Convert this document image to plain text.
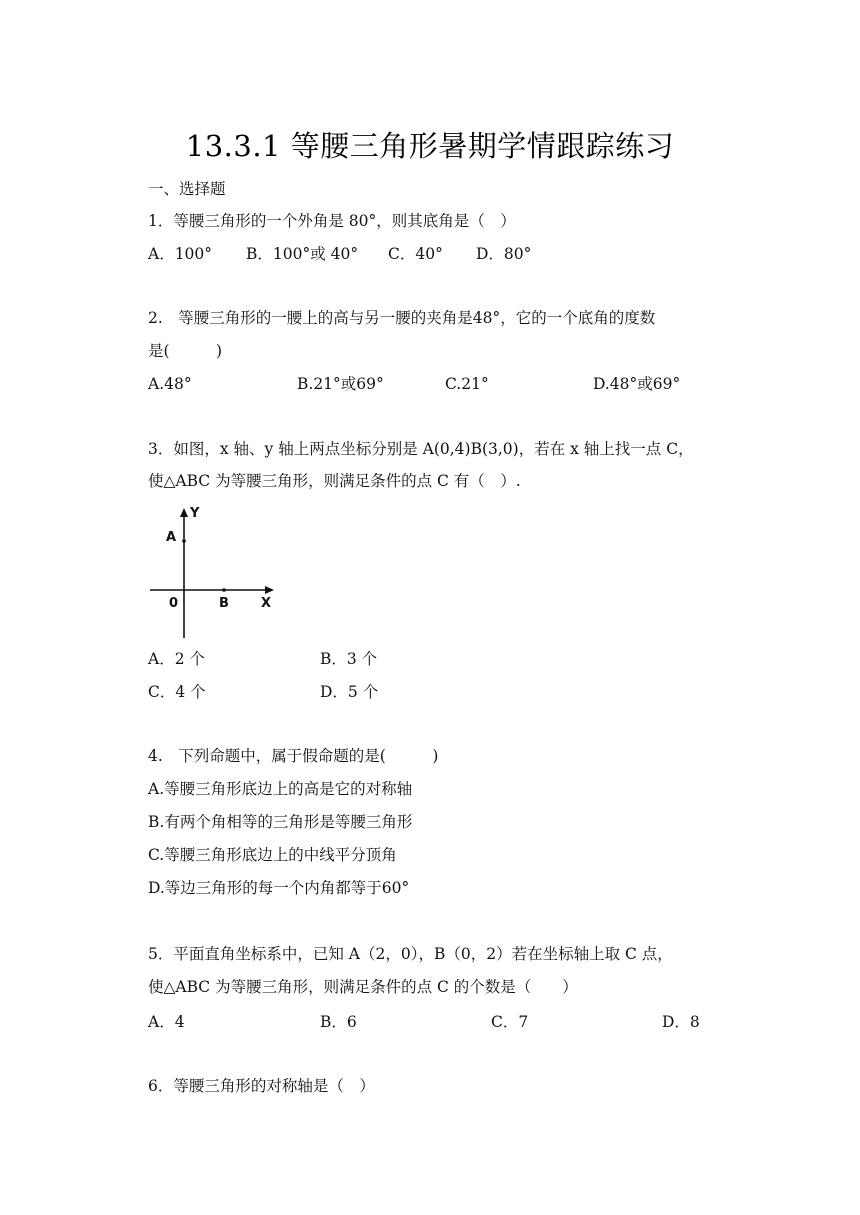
13.3.1 等腰三角形暑期学情跟踪练习
一、选择题
1．等腰三角形的一个外角是 80°，则其底角是（　）
A．100° B．100°或 40° C．40° D．80°
2.　等腰三角形的一腰上的高与另一腰的夹角是48°，它的一个底角的度数
是(　　　)
A.48°	B.21°或69°	C.21°	D.48°或69°
3．如图，x 轴、y 轴上两点坐标分别是 A(0,4)B(3,0)，若在 x 轴上找一点 C，
使△ABC 为等腰三角形，则满足条件的点 C 有（　）.
Y
A
0	B X
A．2 个	B．3 个
C．4 个	D．5 个
4.　下列命题中，属于假命题的是(　　　)
A.等腰三角形底边上的高是它的对称轴
B.有两个角相等的三角形是等腰三角形
C.等腰三角形底边上的中线平分顶角
D.等边三角形的每一个内角都等于60°
5．平面直角坐标系中，已知 A（2，0），B（0，2）若在坐标轴上取 C 点，
使△ABC 为等腰三角形，则满足条件的点 C 的个数是（　　）
A．4	B．6	C．7	D．8
6．等腰三角形的对称轴是（　）
